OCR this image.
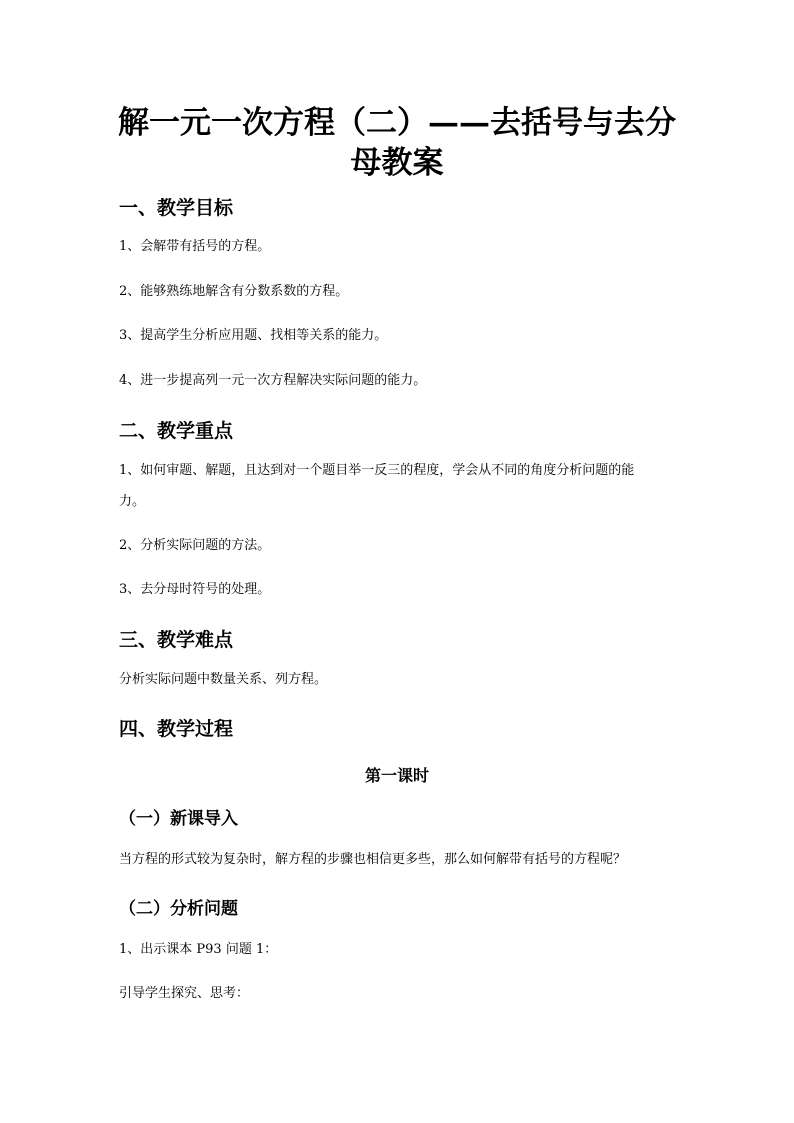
解一元一次方程（二）——去括号与去分
母教案
一、教学目标

1、会解带有括号的方程。

2、能够熟练地解含有分数系数的方程。

3、提高学生分析应用题、找相等关系的能力。

4、进一步提高列一元一次方程解决实际问题的能力。

二、教学重点

1、如何审题、解题，且达到对一个题目举一反三的程度，学会从不同的角度分析问题的能

力。

2、分析实际问题的方法。

3、去分母时符号的处理。

三、教学难点

分析实际问题中数量关系、列方程。

四、教学过程
第一课时
（一）新课导入

当方程的形式较为复杂时，解方程的步骤也相信更多些，那么如何解带有括号的方程呢？

（二）分析问题

1、出示课本 P93 问题 1：

引导学生探究、思考：
